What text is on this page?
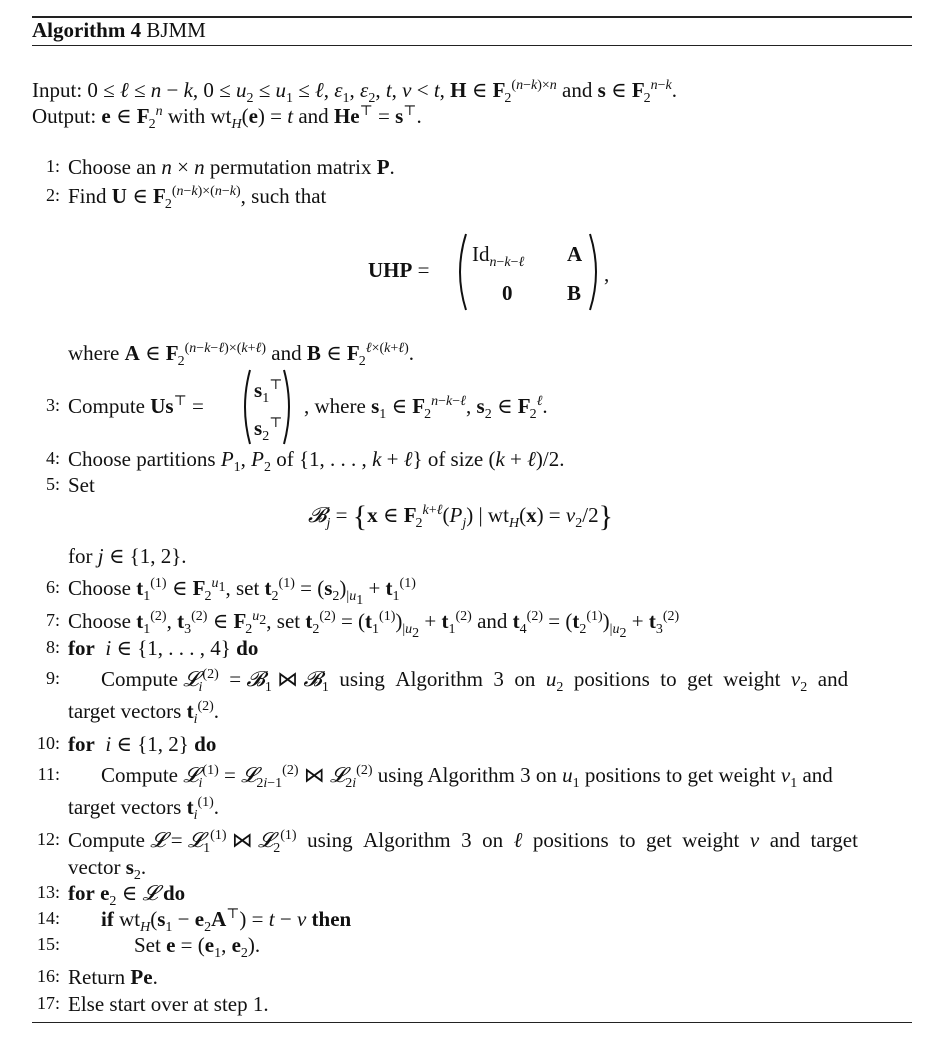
Algorithm 4 BJMM
Input: 0 ≤ ℓ ≤ n − k, $0 \le u_2 \le u_1$ ≤ ℓ, $\varepsilon_1$, $\varepsilon_2$, t, v < t, H ∈ $F_2^{(n-k)\times n}$ and s ∈ $F_2^{n-k}$.
Output: e ∈ $F_2^n$ with $wt_H(e) = t$ and He⊤ = s⊤.
1: Choose an n × n permutation matrix P.
2: Find U ∈ $F_2^{(n-k)\times(n-k)}$, such that
UHP =
$Id_{n-k-\ell}$ A
0	B
,
where A ∈ $F_2^{(n-k-\ell)\times(k+\ell)}$ and B ∈ $F_2^{\ell\times(k+\ell)}$.
3: Compute Us⊤ =
$s_1^⊤$
$s_2^⊤$
, where $s_1$ ∈ $F_2^{n-k-\ell}$, $s_2$ ∈ $F_2^\ell$.
4: Choose partitions $P_1$, $P_2$ of {1, . . . , k + ℓ} of size (k + ℓ)/2.
5: Set
𝓑$_j$ = {x ∈ $F_2^{k+\ell}(P_j)$ | $wt_H(x) = v_2/2$}
for j ∈ {1, 2}.
6: Choose $t_1^{(1)}$ ∈ $F_2^{u_1}$, set $t_2^{(1)} = (s_2)_{|u_1} + t_1^{(1)}$
7: Choose $t_1^{(2)}$, $t_3^{(2)}$ ∈ $F_2^{u_2}$, set $t_2^{(2)} = (t_1^{(1)})_{|u_2} + t_1^{(2)}$ and $t_4^{(2)} = (t_2^{(1)})_{|u_2} + t_3^{(2)}$
8: for i ∈ {1, . . . , 4} do
9: Compute 𝓛$_i^{(2)}$  = 𝓑$_1$ ⋈ 𝓑$_1$  using  Algorithm  3  on  $u_2$  positions  to  get  weight  $v_2$  and
target vectors $t_i^{(2)}$.
10: for i ∈ {1, 2} do
11: Compute 𝓛$_i^{(1)}$ = 𝓛$_{2i-1}^{(2)}$ ⋈ 𝓛$_{2i}^{(2)}$ using Algorithm 3 on $u_1$ positions to get weight $v_1$ and
target vectors $t_i^{(1)}$.
12: Compute 𝓛 = 𝓛$_1^{(1)}$ ⋈ 𝓛$_2^{(1)}$  using  Algorithm  3  on  ℓ  positions  to  get  weight  v  and  target
vector $s_2$.
13: for $e_2$ ∈ 𝓛 do
14: if $wt_H(s_1 - e_2A^⊤) = t - v$ then
15:	Set $e = (e_1$, $e_2$).
16: Return Pe.
17: Else start over at step 1.
